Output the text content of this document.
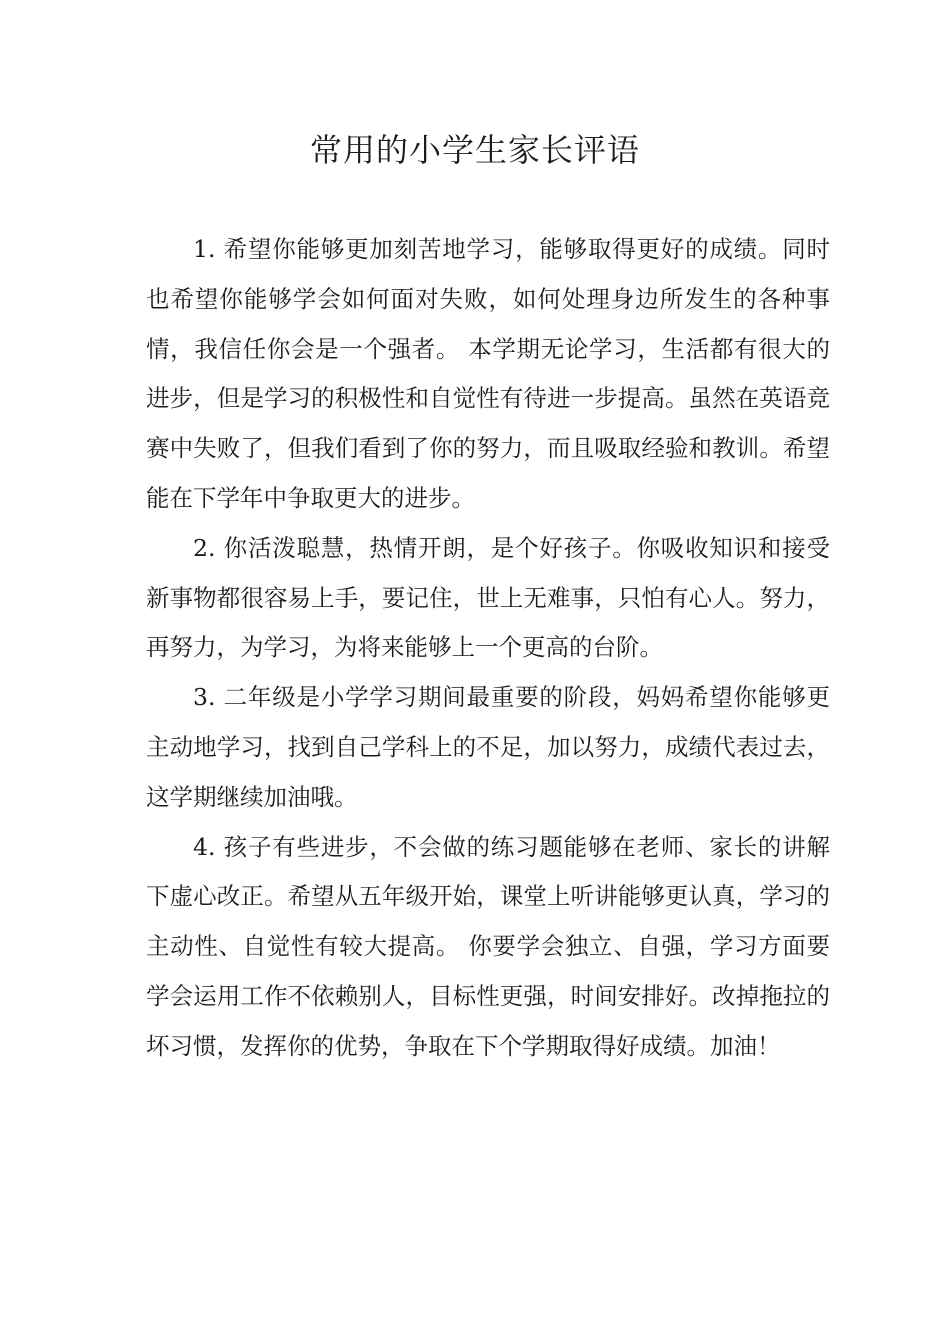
常用的小学生家长评语

1. 希望你能够更加刻苦地学习，能够取得更好的成绩。同时也希望你能够学会如何面对失败，如何处理身边所发生的各种事情，我信任你会是一个强者。 本学期无论学习，生活都有很大的进步，但是学习的积极性和自觉性有待进一步提高。虽然在英语竞赛中失败了，但我们看到了你的努力，而且吸取经验和教训。希望能在下学年中争取更大的进步。

2. 你活泼聪慧，热情开朗，是个好孩子。你吸收知识和接受新事物都很容易上手，要记住，世上无难事，只怕有心人。努力，再努力，为学习，为将来能够上一个更高的台阶。

3. 二年级是小学学习期间最重要的阶段，妈妈希望你能够更主动地学习，找到自己学科上的不足，加以努力，成绩代表过去，这学期继续加油哦。

4. 孩子有些进步，不会做的练习题能够在老师、家长的讲解下虚心改正。希望从五年级开始，课堂上听讲能够更认真，学习的主动性、自觉性有较大提高。 你要学会独立、自强，学习方面要学会运用工作不依赖别人，目标性更强，时间安排好。改掉拖拉的坏习惯，发挥你的优势，争取在下个学期取得好成绩。加油！
